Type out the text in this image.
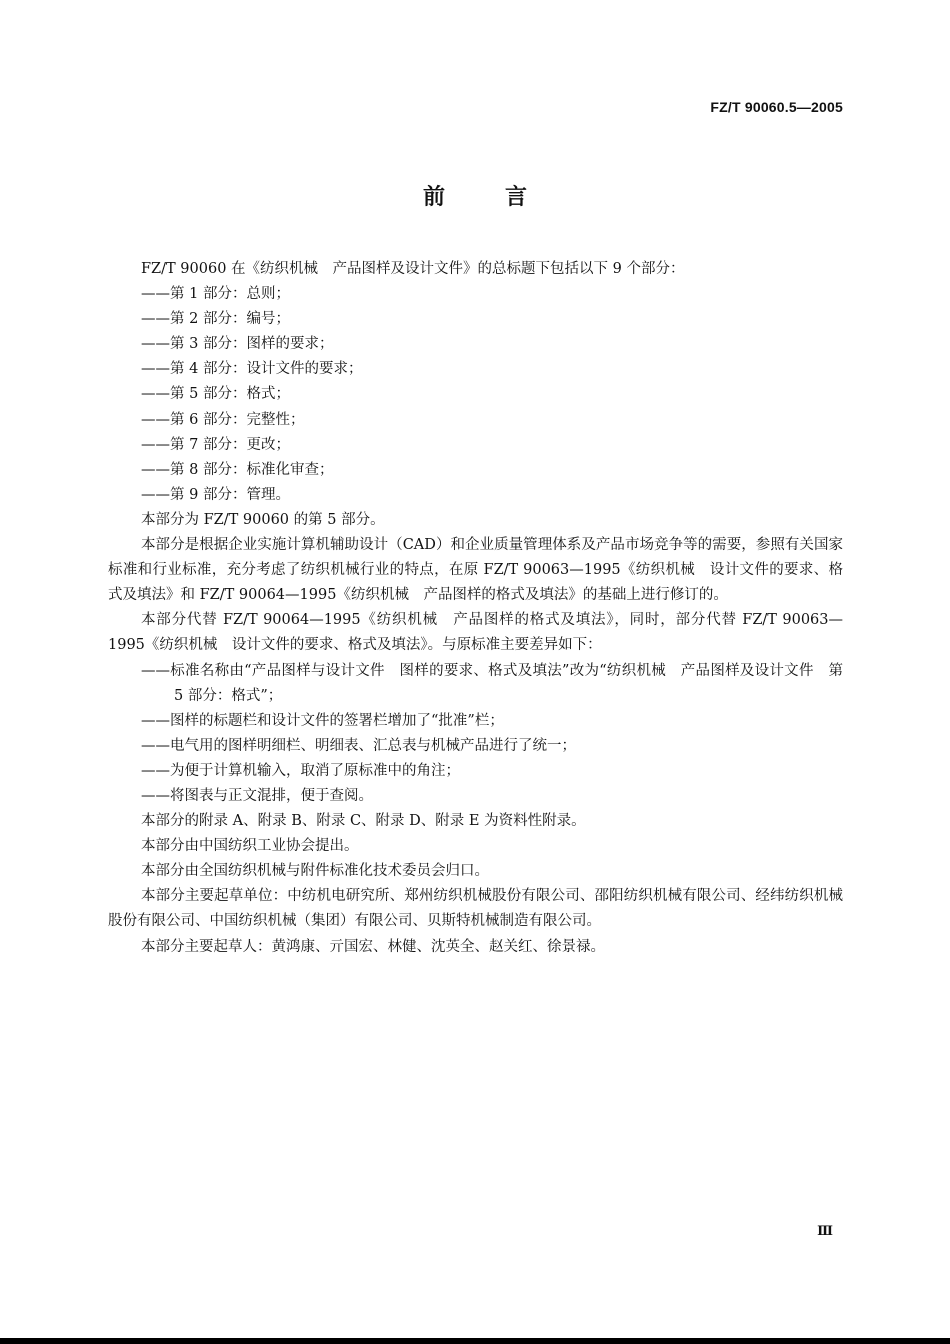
FZ/T 90060.5—2005
前言

FZ/T 90060 在《纺织机械　产品图样及设计文件》的总标题下包括以下 9 个部分：

——第 1 部分：总则；

——第 2 部分：编号；

——第 3 部分：图样的要求；

——第 4 部分：设计文件的要求；

——第 5 部分：格式；

——第 6 部分：完整性；

——第 7 部分：更改；

——第 8 部分：标准化审查；

——第 9 部分：管理。

本部分为 FZ/T 90060 的第 5 部分。

本部分是根据企业实施计算机辅助设计（CAD）和企业质量管理体系及产品市场竞争等的需要，参照有关国家标准和行业标准，充分考虑了纺织机械行业的特点，在原 FZ/T 90063—1995《纺织机械　设计文件的要求、格式及填法》和 FZ/T 90064—1995《纺织机械　产品图样的格式及填法》的基础上进行修订的。

本部分代替 FZ/T 90064—1995《纺织机械　产品图样的格式及填法》，同时，部分代替 FZ/T 90063—1995《纺织机械　设计文件的要求、格式及填法》。与原标准主要差异如下：

——标准名称由“产品图样与设计文件　图样的要求、格式及填法”改为“纺织机械　产品图样及设计文件　第 5 部分：格式”；

——图样的标题栏和设计文件的签署栏增加了“批准”栏；

——电气用的图样明细栏、明细表、汇总表与机械产品进行了统一；

——为便于计算机输入，取消了原标准中的角注；

——将图表与正文混排，便于查阅。

本部分的附录 A、附录 B、附录 C、附录 D、附录 E 为资料性附录。

本部分由中国纺织工业协会提出。

本部分由全国纺织机械与附件标准化技术委员会归口。

本部分主要起草单位：中纺机电研究所、郑州纺织机械股份有限公司、邵阳纺织机械有限公司、经纬纺织机械股份有限公司、中国纺织机械（集团）有限公司、贝斯特机械制造有限公司。

本部分主要起草人：黄鸿康、亓国宏、林健、沈英全、赵关红、徐景禄。

Ⅲ
